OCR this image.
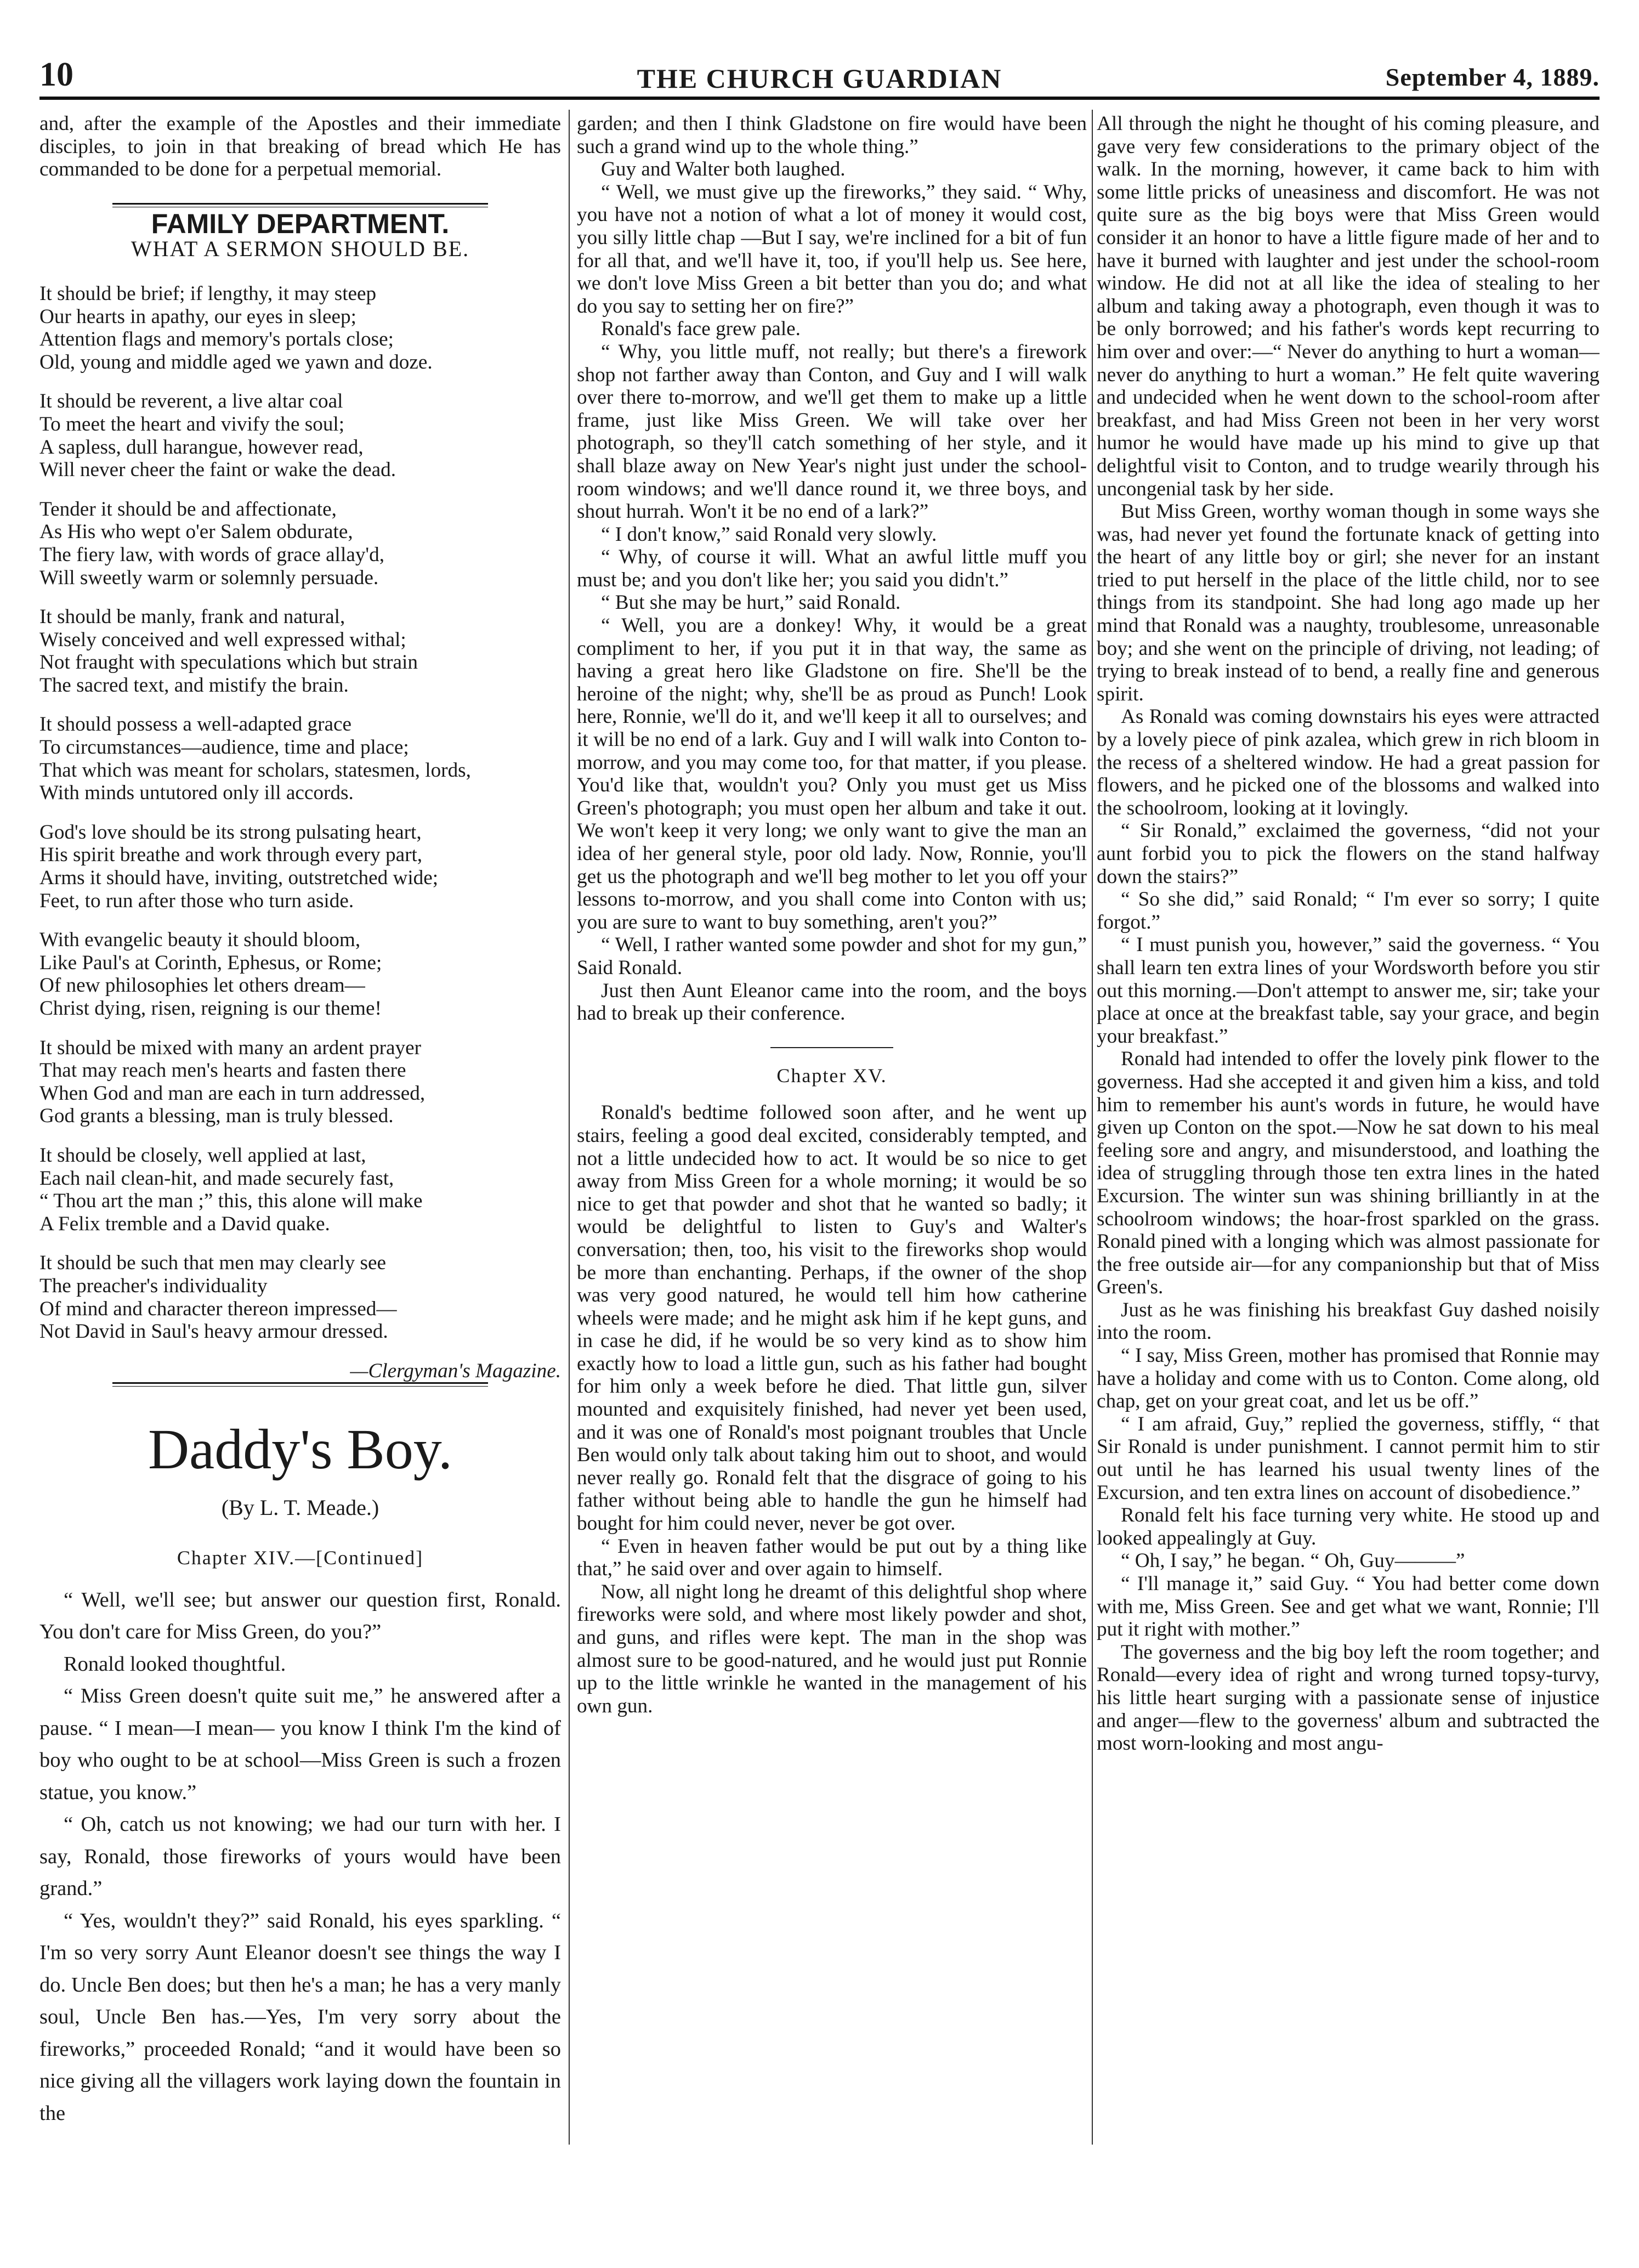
10	THE CHURCH GUARDIAN	September 4, 1889.

and, after the example of the Apostles and their immediate disciples, to join in that breaking of bread which He has commanded to be done for a perpetual memorial.

FAMILY DEPARTMENT.
WHAT A SERMON SHOULD BE.
It should be brief; if lengthy, it may steep
Our hearts in apathy, our eyes in sleep;
Attention flags and memory's portals close;
Old, young and middle aged we yawn and doze.
It should be reverent, a live altar coal
To meet the heart and vivify the soul;
A sapless, dull harangue, however read,
Will never cheer the faint or wake the dead.
Tender it should be and affectionate,
As His who wept o'er Salem obdurate,
The fiery law, with words of grace allay'd,
Will sweetly warm or solemnly persuade.
It should be manly, frank and natural,
Wisely conceived and well expressed withal;
Not fraught with speculations which but strain
The sacred text, and mistify the brain.
It should possess a well-adapted grace
To circumstances—audience, time and place;
That which was meant for scholars, statesmen, lords,
With minds untutored only ill accords.
God's love should be its strong pulsating heart,
His spirit breathe and work through every part,
Arms it should have, inviting, outstretched wide;
Feet, to run after those who turn aside.
With evangelic beauty it should bloom,
Like Paul's at Corinth, Ephesus, or Rome;
Of new philosophies let others dream—
Christ dying, risen, reigning is our theme!
It should be mixed with many an ardent prayer
That may reach men's hearts and fasten there
When God and man are each in turn addressed,
God grants a blessing, man is truly blessed.
It should be closely, well applied at last,
Each nail clean-hit, and made securely fast,
“ Thou art the man ;” this, this alone will make
A Felix tremble and a David quake.
It should be such that men may clearly see
The preacher's individuality
Of mind and character thereon impressed—
Not David in Saul's heavy armour dressed.

—Clergyman's Magazine.

Daddy's Boy.
(By L. T. Meade.)
Chapter XIV.—[Continued]

“ Well, we'll see; but answer our question first, Ronald. You don't care for Miss Green, do you?”

Ronald looked thoughtful.

“ Miss Green doesn't quite suit me,” he answered after a pause. “ I mean—I mean— you know I think I'm the kind of boy who ought to be at school—Miss Green is such a frozen statue, you know.”

“ Oh, catch us not knowing; we had our turn with her. I say, Ronald, those fireworks of yours would have been grand.”

“ Yes, wouldn't they?” said Ronald, his eyes sparkling. “ I'm so very sorry Aunt Eleanor doesn't see things the way I do. Uncle Ben does; but then he's a man; he has a very manly soul, Uncle Ben has.—Yes, I'm very sorry about the fireworks,” proceeded Ronald; “and it would have been so nice giving all the villagers work laying down the fountain in the

garden; and then I think Gladstone on fire would have been such a grand wind up to the whole thing.”

Guy and Walter both laughed.

“ Well, we must give up the fireworks,” they said. “ Why, you have not a notion of what a lot of money it would cost, you silly little chap —But I say, we're inclined for a bit of fun for all that, and we'll have it, too, if you'll help us. See here, we don't love Miss Green a bit better than you do; and what do you say to setting her on fire?”

Ronald's face grew pale.

“ Why, you little muff, not really; but there's a firework shop not farther away than Conton, and Guy and I will walk over there to-morrow, and we'll get them to make up a little frame, just like Miss Green. We will take over her photograph, so they'll catch something of her style, and it shall blaze away on New Year's night just under the school-room windows; and we'll dance round it, we three boys, and shout hurrah. Won't it be no end of a lark?”

“ I don't know,” said Ronald very slowly.

“ Why, of course it will. What an awful little muff you must be; and you don't like her; you said you didn't.”

“ But she may be hurt,” said Ronald.

“ Well, you are a donkey! Why, it would be a great compliment to her, if you put it in that way, the same as having a great hero like Gladstone on fire. She'll be the heroine of the night; why, she'll be as proud as Punch! Look here, Ronnie, we'll do it, and we'll keep it all to ourselves; and it will be no end of a lark. Guy and I will walk into Conton to-morrow, and you may come too, for that matter, if you please. You'd like that, wouldn't you? Only you must get us Miss Green's photograph; you must open her album and take it out. We won't keep it very long; we only want to give the man an idea of her general style, poor old lady. Now, Ronnie, you'll get us the photograph and we'll beg mother to let you off your lessons to-morrow, and you shall come into Conton with us; you are sure to want to buy something, aren't you?”

“ Well, I rather wanted some powder and shot for my gun,” Said Ronald.

Just then Aunt Eleanor came into the room, and the boys had to break up their conference.

Chapter XV.

Ronald's bedtime followed soon after, and he went up stairs, feeling a good deal excited, considerably tempted, and not a little undecided how to act. It would be so nice to get away from Miss Green for a whole morning; it would be so nice to get that powder and shot that he wanted so badly; it would be delightful to listen to Guy's and Walter's conversation; then, too, his visit to the fireworks shop would be more than enchanting. Perhaps, if the owner of the shop was very good natured, he would tell him how catherine wheels were made; and he might ask him if he kept guns, and in case he did, if he would be so very kind as to show him exactly how to load a little gun, such as his father had bought for him only a week before he died. That little gun, silver mounted and exquisitely finished, had never yet been used, and it was one of Ronald's most poignant troubles that Uncle Ben would only talk about taking him out to shoot, and would never really go. Ronald felt that the disgrace of going to his father without being able to handle the gun he himself had bought for him could never, never be got over.

“ Even in heaven father would be put out by a thing like that,” he said over and over again to himself.

Now, all night long he dreamt of this delightful shop where fireworks were sold, and where most likely powder and shot, and guns, and rifles were kept. The man in the shop was almost sure to be good-natured, and he would just put Ronnie up to the little wrinkle he wanted in the management of his own gun.

All through the night he thought of his coming pleasure, and gave very few considerations to the primary object of the walk. In the morning, however, it came back to him with some little pricks of uneasiness and discomfort. He was not quite sure as the big boys were that Miss Green would consider it an honor to have a little figure made of her and to have it burned with laughter and jest under the school-room window. He did not at all like the idea of stealing to her album and taking away a photograph, even though it was to be only borrowed; and his father's words kept recurring to him over and over:—“ Never do anything to hurt a woman—never do anything to hurt a woman.” He felt quite wavering and undecided when he went down to the school-room after breakfast, and had Miss Green not been in her very worst humor he would have made up his mind to give up that delightful visit to Conton, and to trudge wearily through his uncongenial task by her side.

But Miss Green, worthy woman though in some ways she was, had never yet found the fortunate knack of getting into the heart of any little boy or girl; she never for an instant tried to put herself in the place of the little child, nor to see things from its standpoint. She had long ago made up her mind that Ronald was a naughty, troublesome, unreasonable boy; and she went on the principle of driving, not leading; of trying to break instead of to bend, a really fine and generous spirit.

As Ronald was coming downstairs his eyes were attracted by a lovely piece of pink azalea, which grew in rich bloom in the recess of a sheltered window. He had a great passion for flowers, and he picked one of the blossoms and walked into the schoolroom, looking at it lovingly.

“ Sir Ronald,” exclaimed the governess, “did not your aunt forbid you to pick the flowers on the stand halfway down the stairs?”

“ So she did,” said Ronald; “ I'm ever so sorry; I quite forgot.”

“ I must punish you, however,” said the governess. “ You shall learn ten extra lines of your Wordsworth before you stir out this morning.—Don't attempt to answer me, sir; take your place at once at the breakfast table, say your grace, and begin your breakfast.”

Ronald had intended to offer the lovely pink flower to the governess. Had she accepted it and given him a kiss, and told him to remember his aunt's words in future, he would have given up Conton on the spot.—Now he sat down to his meal feeling sore and angry, and misunderstood, and loathing the idea of struggling through those ten extra lines in the hated Excursion. The winter sun was shining brilliantly in at the schoolroom windows; the hoar-frost sparkled on the grass. Ronald pined with a longing which was almost passionate for the free outside air—for any companionship but that of Miss Green's.

Just as he was finishing his breakfast Guy dashed noisily into the room.

“ I say, Miss Green, mother has promised that Ronnie may have a holiday and come with us to Conton. Come along, old chap, get on your great coat, and let us be off.”

“ I am afraid, Guy,” replied the governess, stiffly, “ that Sir Ronald is under punishment. I cannot permit him to stir out until he has learned his usual twenty lines of the Excursion, and ten extra lines on account of disobedience.”

Ronald felt his face turning very white. He stood up and looked appealingly at Guy.

“ Oh, I say,” he began. “ Oh, Guy———”

“ I'll manage it,” said Guy. “ You had better come down with me, Miss Green. See and get what we want, Ronnie; I'll put it right with mother.”

The governess and the big boy left the room together; and Ronald—every idea of right and wrong turned topsy-turvy, his little heart surging with a passionate sense of injustice and anger—flew to the governess' album and subtracted the most worn-looking and most angu-
